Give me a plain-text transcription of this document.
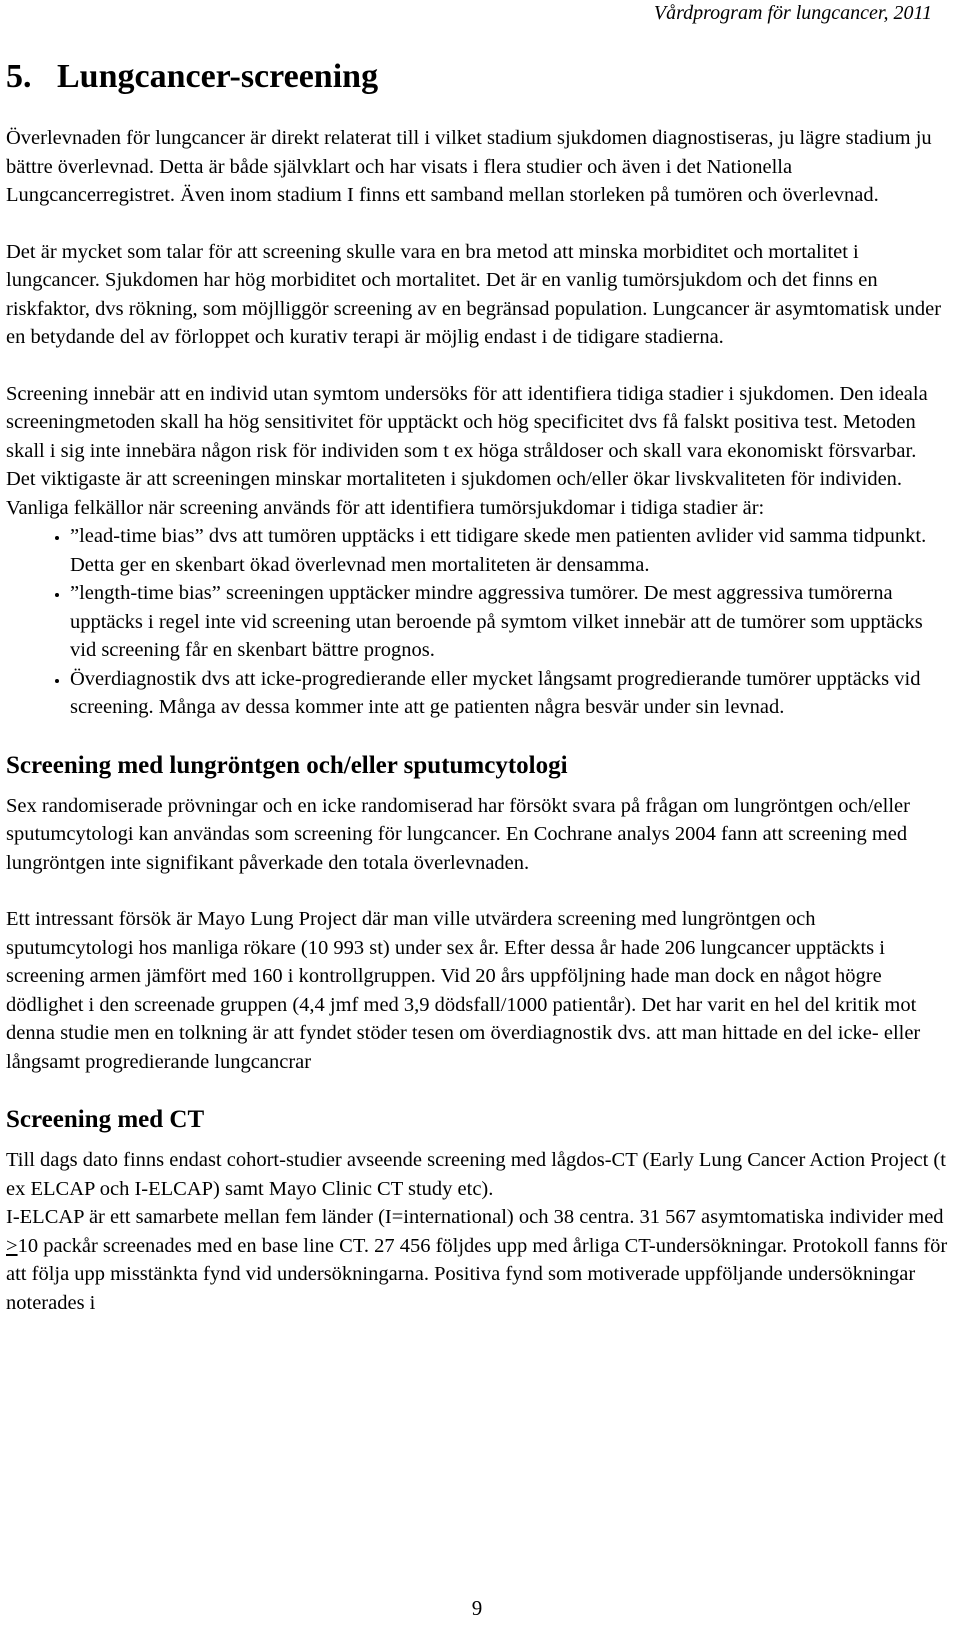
Vårdprogram för lungcancer, 2011
5.   Lungcancer-screening

Överlevnaden för lungcancer är direkt relaterat till i vilket stadium sjukdomen diagnostiseras, ju lägre stadium ju bättre överlevnad. Detta är både självklart och har visats i flera studier och även i det Nationella Lungcancerregistret. Även inom stadium I finns ett samband mellan storleken på tumören och överlevnad.

Det är mycket som talar för att screening skulle vara en bra metod att minska morbiditet och mortalitet i lungcancer. Sjukdomen har hög morbiditet och mortalitet. Det är en vanlig tumörsjukdom och det finns en riskfaktor, dvs rökning, som möjlliggör screening av en begränsad population. Lungcancer är asymtomatisk under en betydande del av förloppet och kurativ terapi är möjlig endast i de tidigare stadierna.

Screening innebär att en individ utan symtom undersöks för att identifiera tidiga stadier i sjukdomen. Den ideala screeningmetoden skall ha hög sensitivitet för upptäckt och hög specificitet dvs få falskt positiva test. Metoden skall i sig inte innebära någon risk för individen som t ex höga stråldoser och skall vara ekonomiskt försvarbar. Det viktigaste är att screeningen minskar mortaliteten i sjukdomen och/eller ökar livskvaliteten för individen. Vanliga felkällor när screening används för att identifiera tumörsjukdomar i tidiga stadier är:

• ”lead-time bias” dvs att tumören upptäcks i ett tidigare skede men patienten avlider vid samma tidpunkt. Detta ger en skenbart ökad överlevnad men mortaliteten är densamma.
• ”length-time bias” screeningen upptäcker mindre aggressiva tumörer. De mest aggressiva tumörerna upptäcks i regel inte vid screening utan beroende på symtom vilket innebär att de tumörer som upptäcks vid screening får en skenbart bättre prognos.
• Överdiagnostik dvs att icke-progredierande eller mycket långsamt progredierande tumörer upptäcks vid screening. Många av dessa kommer inte att ge patienten några besvär under sin levnad.
Screening med lungröntgen och/eller sputumcytologi

Sex randomiserade prövningar och en icke randomiserad har försökt svara på frågan om lungröntgen och/eller sputumcytologi kan användas som screening för lungcancer. En Cochrane analys 2004 fann att screening med lungröntgen inte signifikant påverkade den totala överlevnaden.

Ett intressant försök är Mayo Lung Project där man ville utvärdera screening med lungröntgen och sputumcytologi hos manliga rökare (10 993 st) under sex år. Efter dessa år hade 206 lungcancer upptäckts i screening armen jämfört med 160 i kontrollgruppen. Vid 20 års uppföljning hade man dock en något högre dödlighet i den screenade gruppen (4,4 jmf med 3,9 dödsfall/1000 patientår). Det har varit en hel del kritik mot denna studie men en tolkning är att fyndet stöder tesen om överdiagnostik dvs. att man hittade en del icke- eller långsamt progredierande lungcancrar

Screening med CT

Till dags dato finns endast cohort-studier avseende screening med lågdos-CT (Early Lung Cancer Action Project (t ex ELCAP och I-ELCAP) samt Mayo Clinic CT study etc).

I-ELCAP är ett samarbete mellan fem länder (I=international) och 38 centra. 31 567 asymtomatiska individer med >10 packår screenades med en base line CT. 27 456 följdes upp med årliga CT-undersökningar. Protokoll fanns för att följa upp misstänkta fynd vid undersökningarna. Positiva fynd som motiverade uppföljande undersökningar noterades i

9
